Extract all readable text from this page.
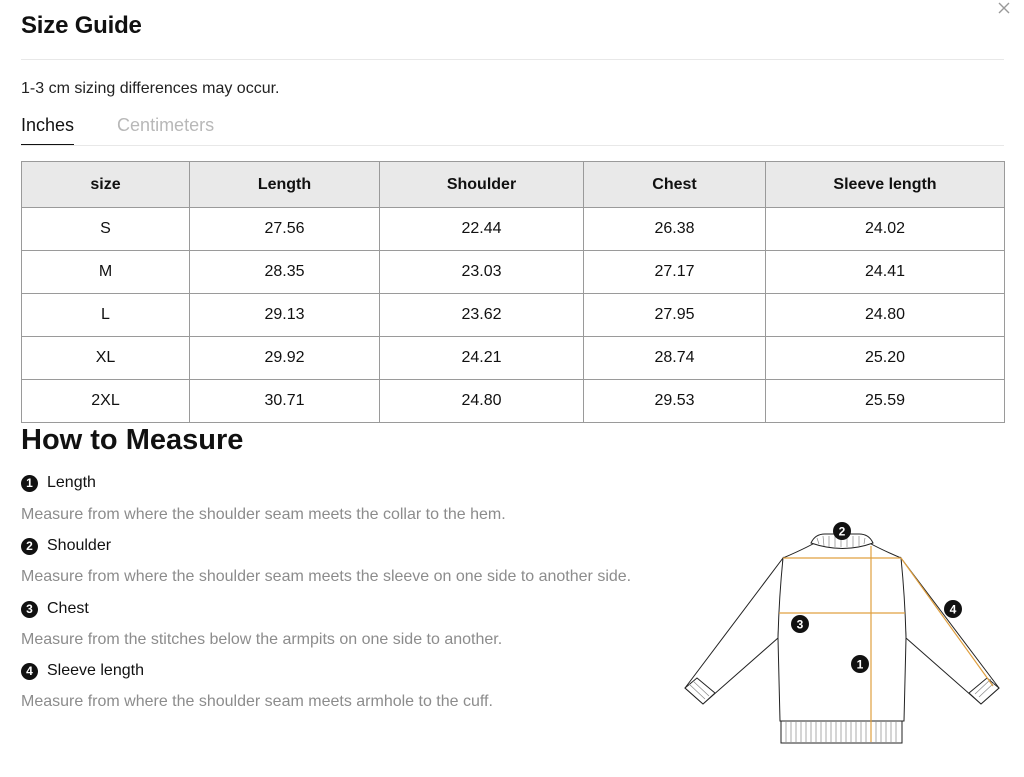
Size Guide
1-3 cm sizing differences may occur.
Inches Centimeters
size	Length	Shoulder	Chest	Sleeve length
S	27.56	22.44	26.38	24.02
M	28.35	23.03	27.17	24.41
L	29.13	23.62	27.95	24.80
XL	29.92	24.21	28.74	25.20
2XL	30.71	24.80	29.53	25.59
How to Measure
1 Length
Measure from where the shoulder seam meets the collar to the hem.
2 Shoulder
Measure from where the shoulder seam meets the sleeve on one side to another side.
3 Chest
Measure from the stitches below the armpits on one side to another.
4 Sleeve length
Measure from where the shoulder seam meets armhole to the cuff.
2
3
4
1
